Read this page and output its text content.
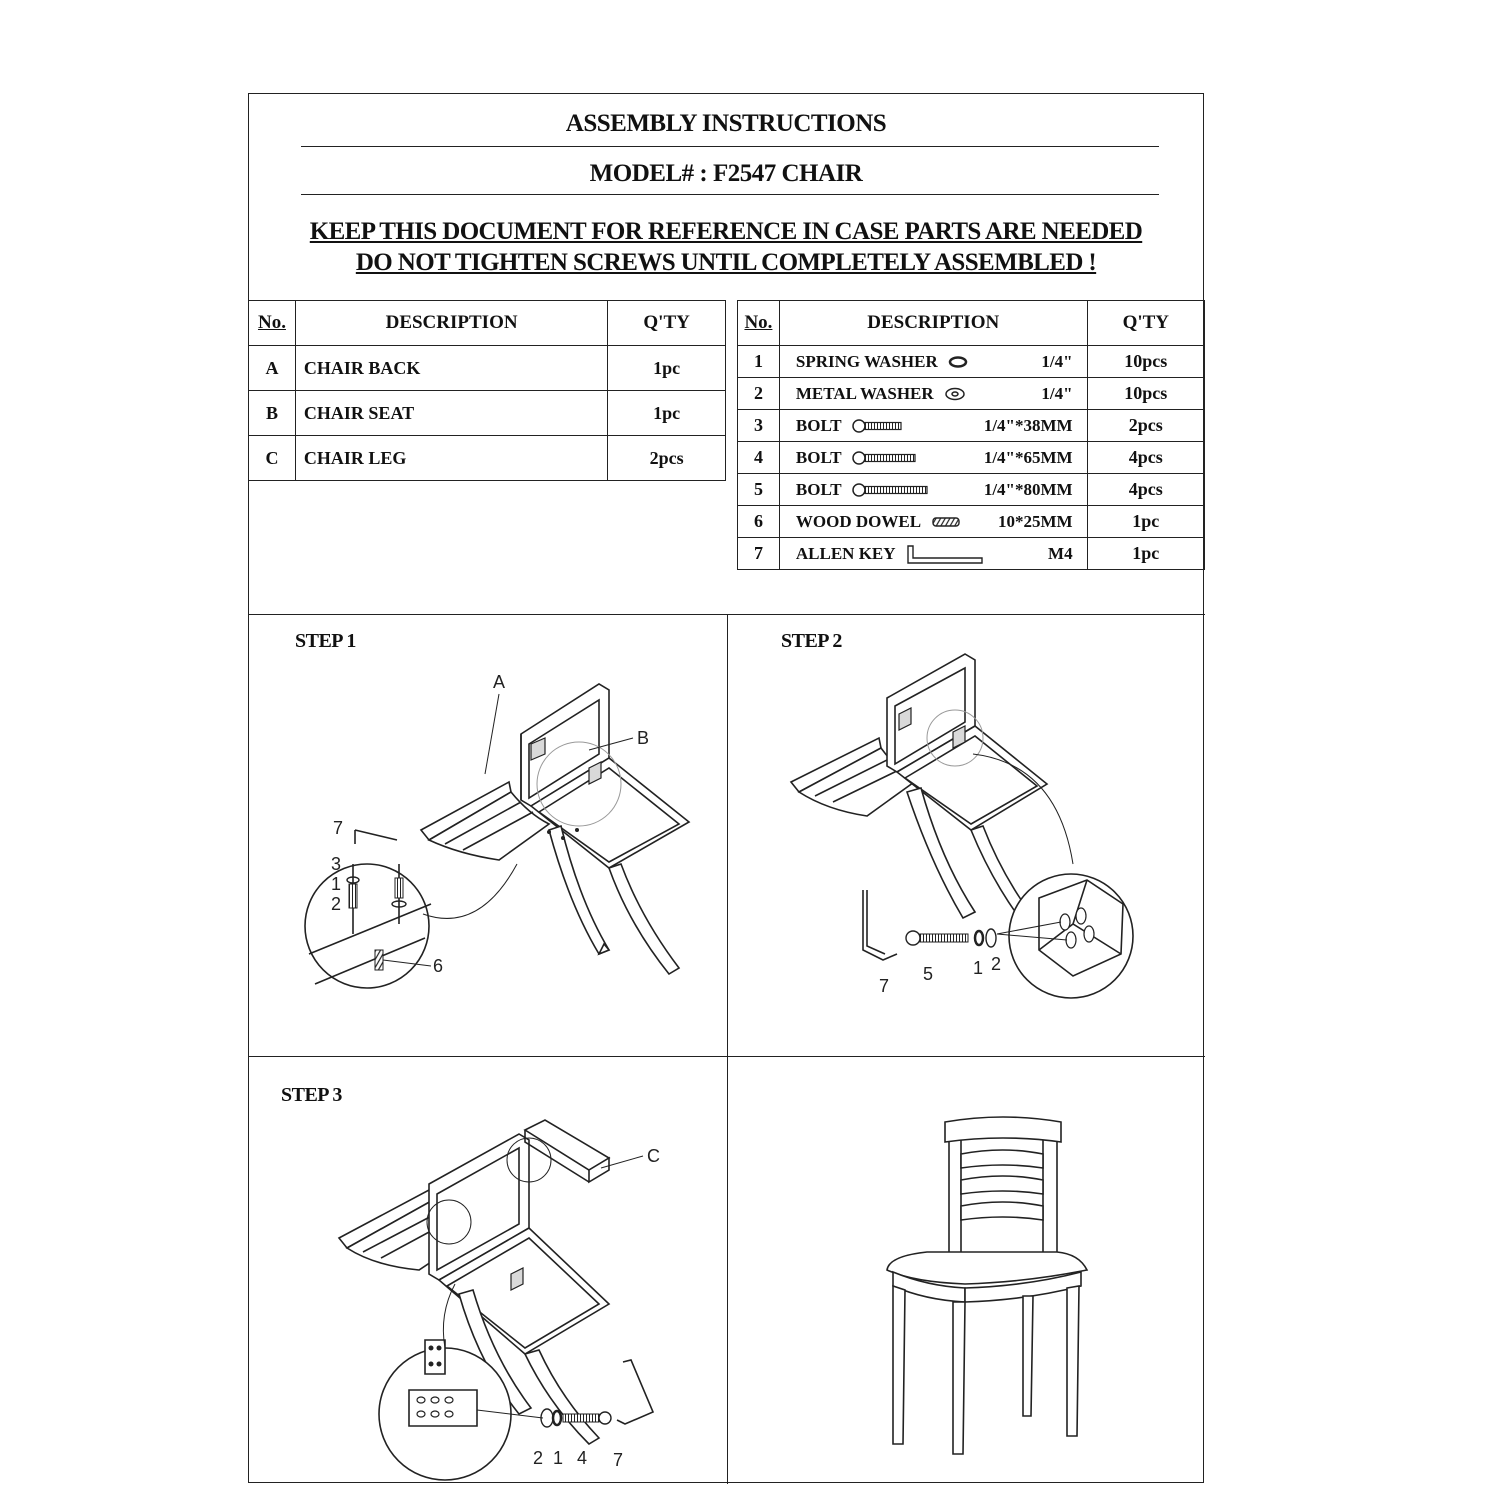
ASSEMBLY INSTRUCTIONS
MODEL# : F2547 CHAIR
KEEP THIS DOCUMENT FOR REFERENCE IN CASE PARTS ARE NEEDED
DO NOT TIGHTEN SCREWS UNTIL COMPLETELY ASSEMBLED !
No.	DESCRIPTION	Q'TY
A	CHAIR BACK	1pc
B	CHAIR SEAT	1pc
C	CHAIR LEG	2pcs
No.	DESCRIPTION	Q'TY
1	SPRING WASHER 1/4"	10pcs
2	METAL WASHER 1/4"	10pcs
3	BOLT 1/4"*38MM	2pcs
4	BOLT 1/4"*65MM	4pcs
5	BOLT 1/4"*80MM	4pcs
6	WOOD DOWEL 10*25MM	1pc
7	ALLEN KEY M4	1pc
STEP 1	STEP 2
STEP 3
A
B
7
3
1
2
6
7
5 1 2
C
2 1 4 7
